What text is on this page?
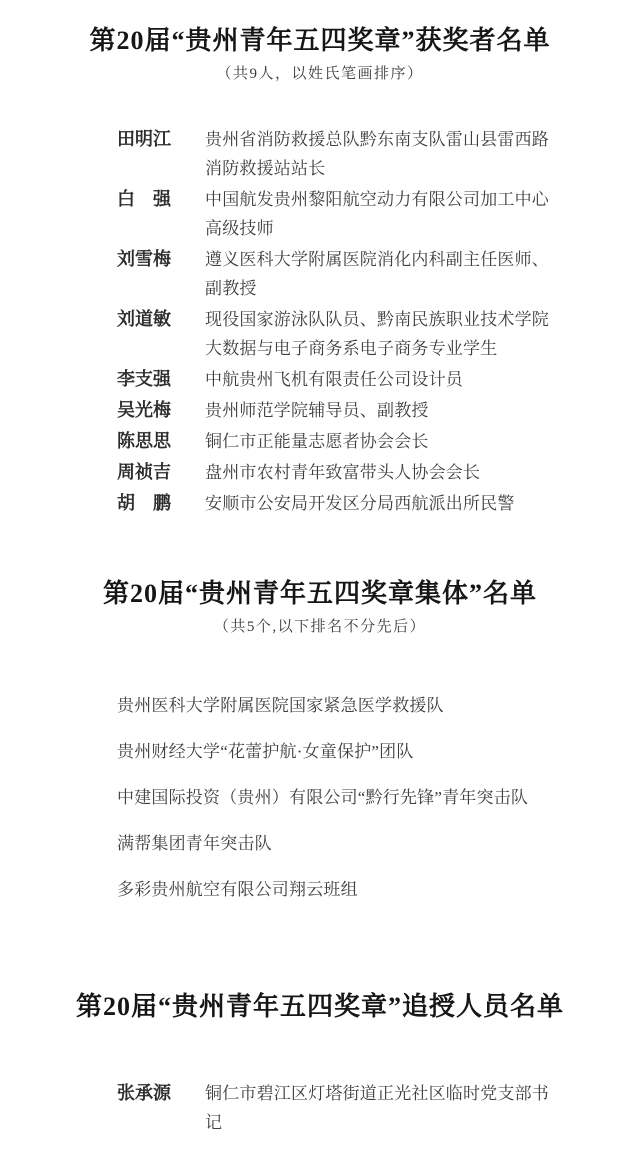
第20届“贵州青年五四奖章”获奖者名单

（共9人，以姓氏笔画排序）

田明江 贵州省消防救援总队黔东南支队雷山县雷西路消防救援站站长
白　强 中国航发贵州黎阳航空动力有限公司加工中心高级技师
刘雪梅 遵义医科大学附属医院消化内科副主任医师、副教授
刘道敏 现役国家游泳队队员、黔南民族职业技术学院大数据与电子商务系电子商务专业学生
李支强 中航贵州飞机有限责任公司设计员
吴光梅 贵州师范学院辅导员、副教授
陈思思 铜仁市正能量志愿者协会会长
周祯吉 盘州市农村青年致富带头人协会会长
胡　鹏 安顺市公安局开发区分局西航派出所民警
第20届“贵州青年五四奖章集体”名单

（共5个,以下排名不分先后）

贵州医科大学附属医院国家紧急医学救援队

贵州财经大学“花蕾护航·女童保护”团队

中建国际投资（贵州）有限公司“黔行先锋”青年突击队

满帮集团青年突击队

多彩贵州航空有限公司翔云班组

第20届“贵州青年五四奖章”追授人员名单
张承源 铜仁市碧江区灯塔街道正光社区临时党支部书记
